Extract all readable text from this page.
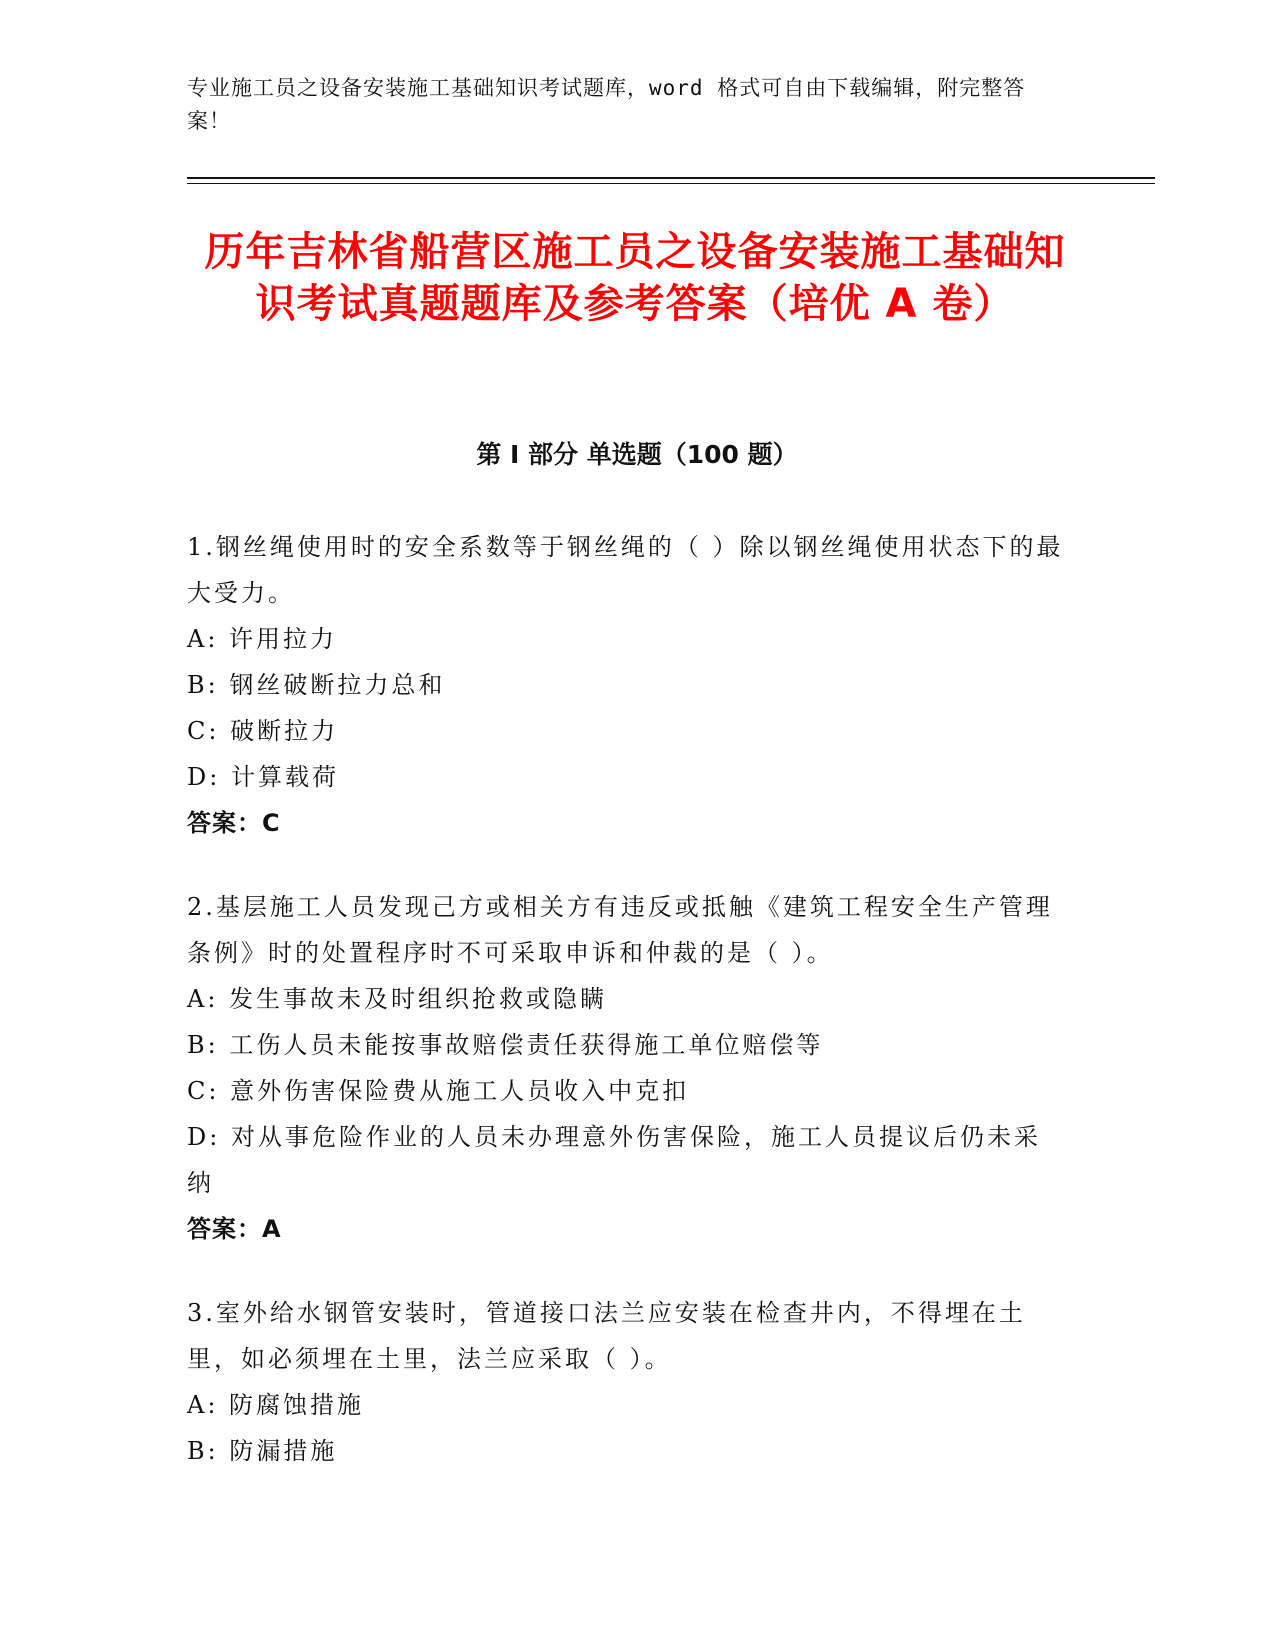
专业施工员之设备安装施工基础知识考试题库，word 格式可自由下载编辑，附完整答案！
历年吉林省船营区施工员之设备安装施工基础知识考试真题题库及参考答案（培优 A 卷）
第 I 部分 单选题（100 题）

1.钢丝绳使用时的安全系数等于钢丝绳的（ ）除以钢丝绳使用状态下的最大受力。

A: 许用拉力

B: 钢丝破断拉力总和

C: 破断拉力

D: 计算载荷

答案：C

2.基层施工人员发现己方或相关方有违反或抵触《建筑工程安全生产管理条例》时的处置程序时不可采取申诉和仲裁的是（ ）。

A: 发生事故未及时组织抢救或隐瞒

B: 工伤人员未能按事故赔偿责任获得施工单位赔偿等

C: 意外伤害保险费从施工人员收入中克扣

D: 对从事危险作业的人员未办理意外伤害保险，施工人员提议后仍未采纳

答案：A

3.室外给水钢管安装时，管道接口法兰应安装在检查井内，不得埋在土里，如必须埋在土里，法兰应采取（ ）。

A: 防腐蚀措施

B: 防漏措施
